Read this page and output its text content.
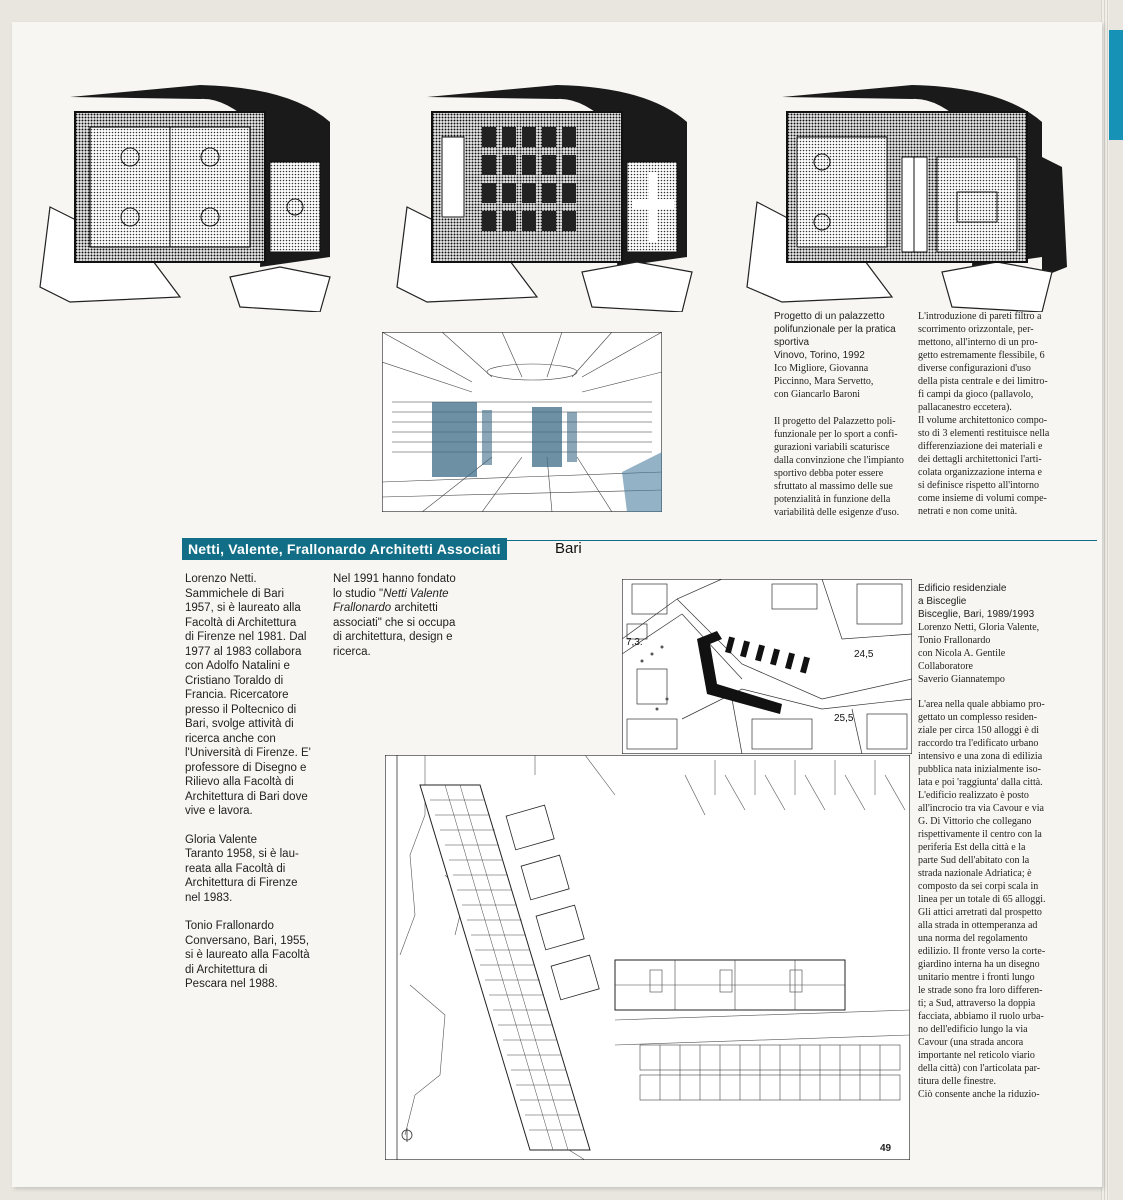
Progetto di un palazzetto
polifunzionale per la pratica
sportiva
Vinovo, Torino, 1992
Ico Migliore, Giovanna
Piccinno, Mara Servetto,
con Giancarlo Baroni

Il progetto del Palazzetto poli-

funzionale per lo sport a confi-

gurazioni variabili scaturisce

dalla convinzione che l'impianto

sportivo debba poter essere

sfruttato al massimo delle sue

potenzialità in funzione della

variabilità delle esigenze d'uso.

L'introduzione di pareti filtro a

scorrimento orizzontale, per-

mettono, all'interno di un pro-

getto estremamente flessibile, 6

diverse configurazioni d'uso

della pista centrale e dei limitro-

fi campi da gioco (pallavolo,

pallacanestro eccetera).

Il volume architettonico compo-

sto di 3 elementi restituisce nella

differenziazione dei materiali e

dei dettagli architettonici l'arti-

colata organizzazione interna e

si definisce rispetto all'intorno

come insieme di volumi compe-

netrati e non come unità.

Netti, Valente, Frallonardo Architetti Associati	Bari

Lorenzo Netti.
Sammichele di Bari
1957, si è laureato alla
Facoltà di Architettura
di Firenze nel 1981. Dal
1977 al 1983 collabora
con Adolfo Natalini e
Cristiano Toraldo di
Francia. Ricercatore
presso il Poltecnico di
Bari, svolge attività di
ricerca anche con
l'Università di Firenze. E'
professore di Disegno e
Rilievo alla Facoltà di
Architettura di Bari dove
vive e lavora.

Gloria Valente
Taranto 1958, si è lau-
reata alla Facoltà di
Architettura di Firenze
nel 1983.

Tonio Frallonardo
Conversano, Bari, 1955,
si è laureato alla Facoltà
di Architettura di
Pescara nel 1988.

Nel 1991 hanno fondato
lo studio "Netti Valente
Frallonardo architetti
associati" che si occupa
di architettura, design e
ricerca.
7,3.
24,5
25,5
Edificio residenziale
a Bisceglie
Bisceglie, Bari, 1989/1993
Lorenzo Netti, Gloria Valente,
Tonio Frallonardo
con Nicola A. Gentile
Collaboratore
Saverio Giannatempo

L'area nella quale abbiamo pro-

gettato un complesso residen-

ziale per circa 150 alloggi è di

raccordo tra l'edificato urbano

intensivo e una zona di edilizia

pubblica nata inizialmente iso-

lata e poi 'raggiunta' dalla città.

L'edificio realizzato è posto

all'incrocio tra via Cavour e via

G. Di Vittorio che collegano

rispettivamente il centro con la

periferia Est della città e la

parte Sud dell'abitato con la

strada nazionale Adriatica; è

composto da sei corpi scala in

linea per un totale di 65 alloggi.

Gli attici arretrati dal prospetto

alla strada in ottemperanza ad

una norma del regolamento

edilizio. Il fronte verso la corte-

giardino interna ha un disegno

unitario mentre i fronti lungo

le strade sono fra loro differen-

ti; a Sud, attraverso la doppia

facciata, abbiamo il ruolo urba-

no dell'edificio lungo la via

Cavour (una strada ancora

importante nel reticolo viario

della città) con l'articolata par-

titura delle finestre.

Ciò consente anche la riduzio-

49
